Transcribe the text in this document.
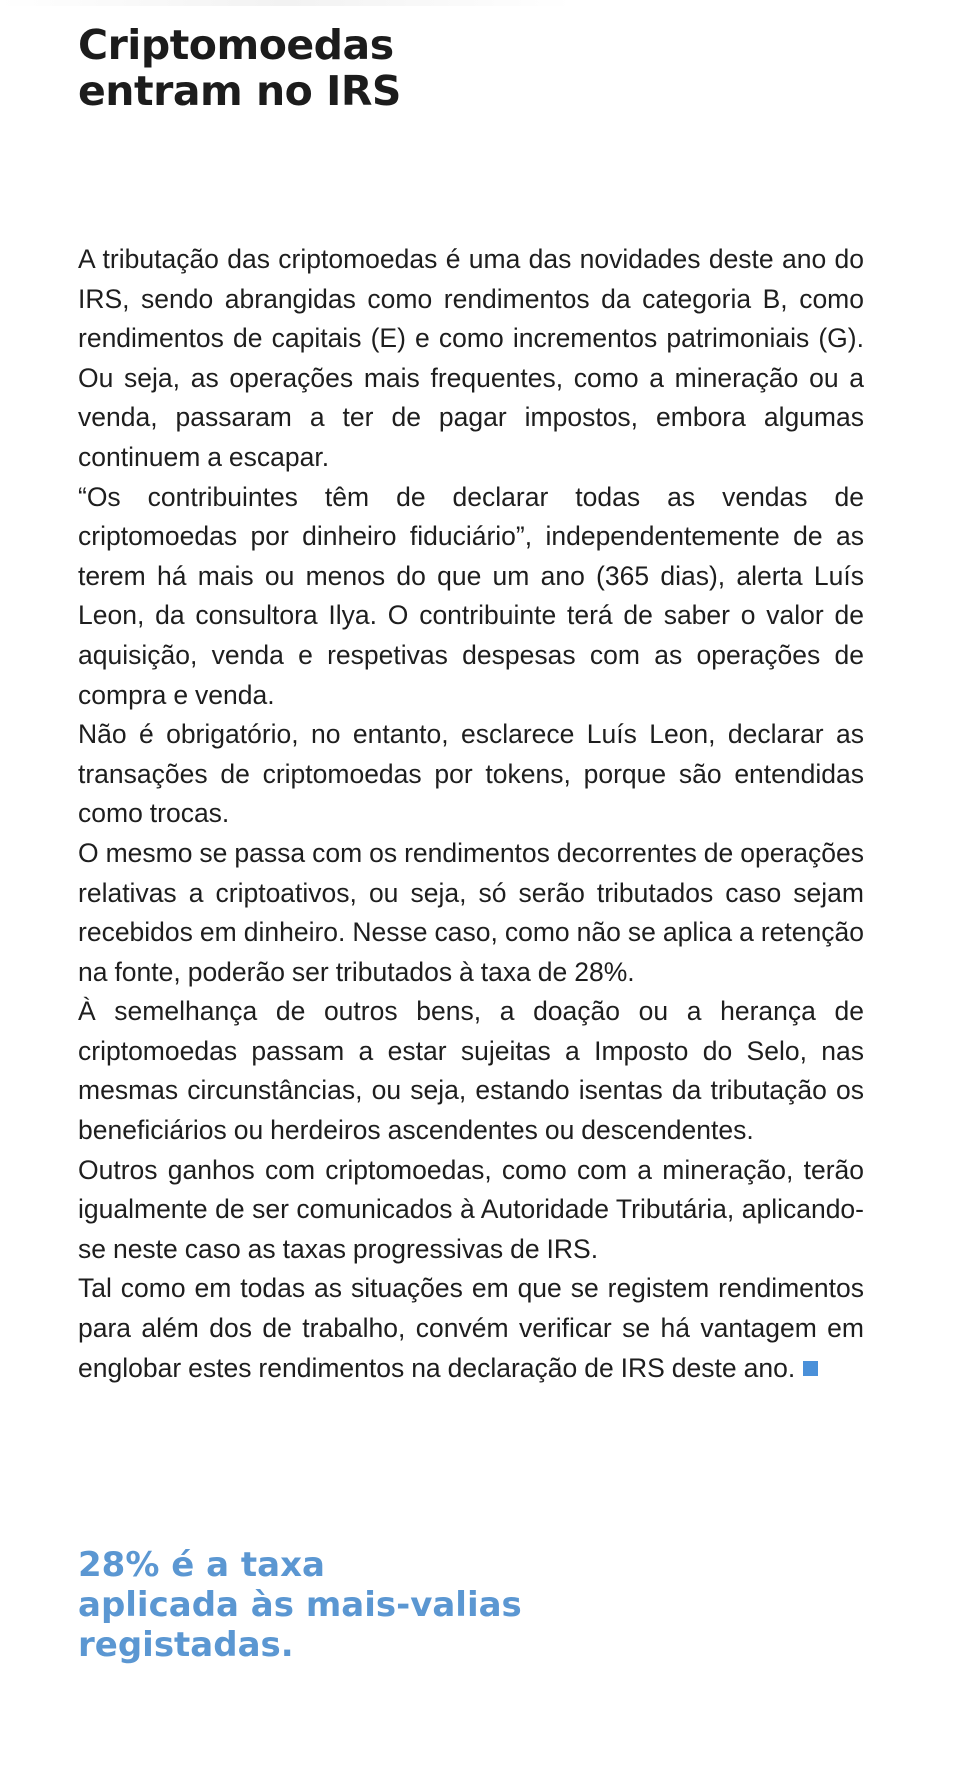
Criptomoedas
entram no IRS

A tributação das criptomoedas é uma das novidades deste ano do IRS, sendo abrangidas como rendimentos da categoria B, como rendimentos de capitais (E) e como incrementos patrimoniais (G). Ou seja, as operações mais frequentes, como a mineração ou a venda, passaram a ter de pagar impostos, embora algumas continuem a escapar.

“Os contribuintes têm de declarar todas as vendas de criptomoedas por dinheiro fiduciário”, independentemente de as terem há mais ou menos do que um ano (365 dias), alerta Luís Leon, da consultora Ilya. O contribuinte terá de saber o valor de aquisição, venda e respetivas despesas com as operações de compra e venda.

Não é obrigatório, no entanto, esclarece Luís Leon, declarar as transações de criptomoedas por tokens, porque são entendidas como trocas.

O mesmo se passa com os rendimentos decorrentes de operações relativas a criptoativos, ou seja, só serão tributados caso sejam recebidos em dinheiro. Nesse caso, como não se aplica a retenção na fonte, poderão ser tributados à taxa de 28%.

À semelhança de outros bens, a doação ou a herança de criptomoedas passam a estar sujeitas a Imposto do Selo, nas mesmas circunstâncias, ou seja, estando isentas da tributação os beneficiários ou herdeiros ascendentes ou descendentes.

Outros ganhos com criptomoedas, como com a mineração, terão igualmente de ser comunicados à Autoridade Tributária, aplicando-se neste caso as taxas progressivas de IRS.

Tal como em todas as situações em que se registem rendimentos para além dos de trabalho, convém verificar se há vantagem em englobar estes rendimentos na declaração de IRS deste ano.

28% é a taxa
aplicada às mais-valias
registadas.
